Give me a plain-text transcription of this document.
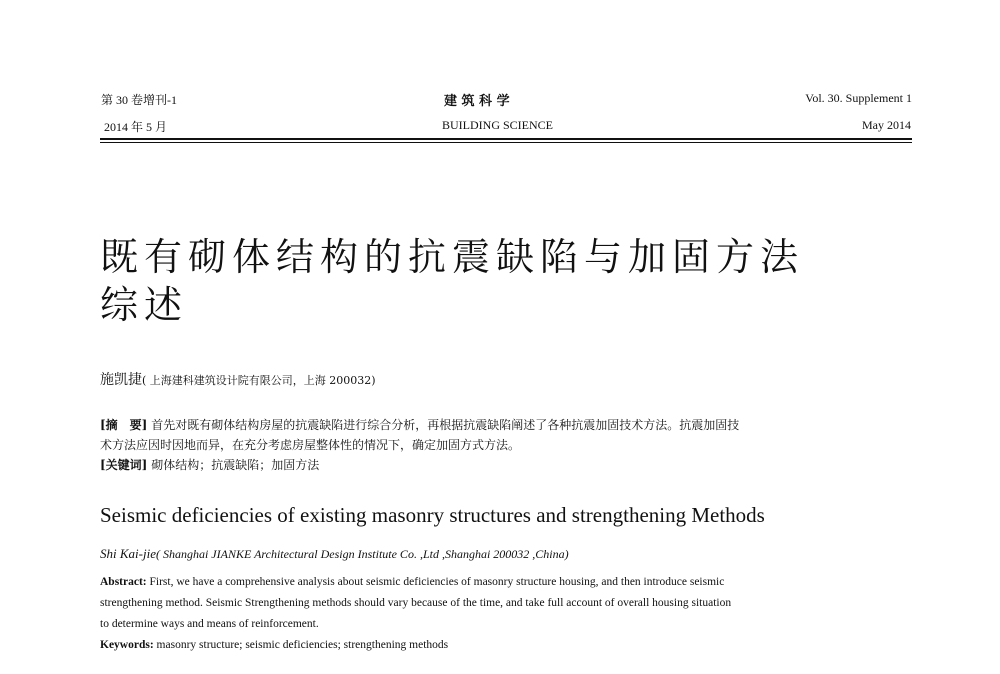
第 30 卷增刊-1	建 筑 科 学	Vol. 30. Supplement 1
2014 年 5 月	BUILDING SCIENCE	May 2014
既有砌体结构的抗震缺陷与加固方法
综述
施凯捷( 上海建科建筑设计院有限公司，上海 200032)
[摘　要] 首先对既有砌体结构房屋的抗震缺陷进行综合分析，再根据抗震缺陷阐述了各种抗震加固技术方法。抗震加固技
术方法应因时因地而异，在充分考虑房屋整体性的情况下，确定加固方式方法。
[关键词] 砌体结构；抗震缺陷；加固方法
Seismic deficiencies of existing masonry structures and strengthening Methods
Shi Kai-jie( Shanghai JIANKE Architectural Design Institute Co. ,Ltd ,Shanghai 200032 ,China)
Abstract: First, we have a comprehensive analysis about seismic deficiencies of masonry structure housing, and then introduce seismic
strengthening method. Seismic Strengthening methods should vary because of the time, and take full account of overall housing situation
to determine ways and means of reinforcement.
Keywords: masonry structure; seismic deficiencies; strengthening methods
